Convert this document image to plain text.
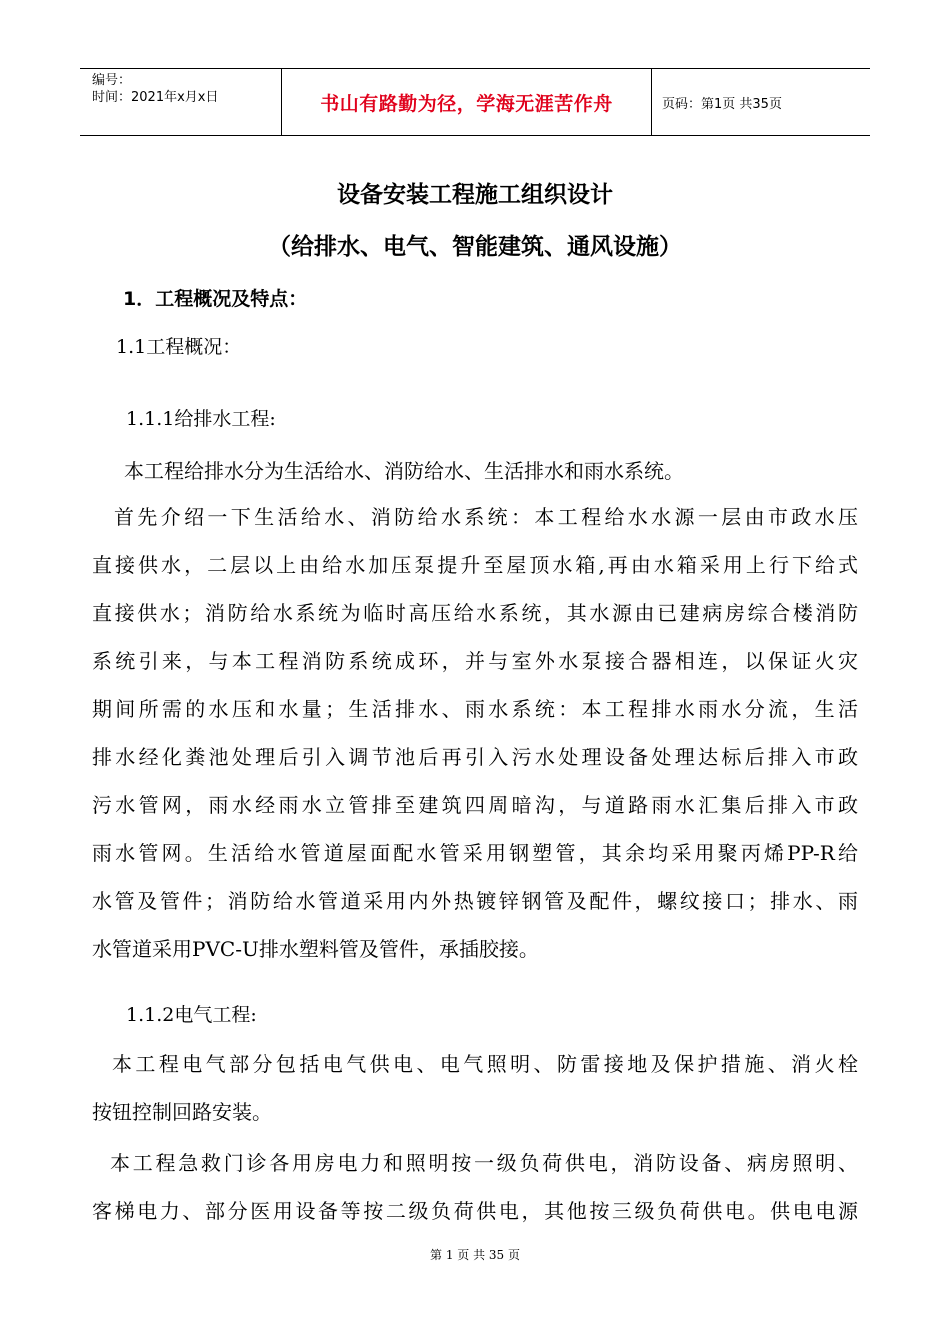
编号：
时间：2021年x月x日	书山有路勤为径，学海无涯苦作舟	页码：第1页 共35页
设备安装工程施工组织设计
（给排水、电气、智能建筑、通风设施）
1．工程概况及特点：
1.1工程概况：
1.1.1给排水工程:
本工程给排水分为生活给水、消防给水、生活排水和雨水系统。
首先介绍一下生活给水、消防给水系统：本工程给水水源一层由市政水压
直接供水，二层以上由给水加压泵提升至屋顶水箱,再由水箱采用上行下给式
直接供水；消防给水系统为临时高压给水系统，其水源由已建病房综合楼消防
系统引来，与本工程消防系统成环，并与室外水泵接合器相连，以保证火灾
期间所需的水压和水量；生活排水、雨水系统：本工程排水雨水分流，生活
排水经化粪池处理后引入调节池后再引入污水处理设备处理达标后排入市政
污水管网，雨水经雨水立管排至建筑四周暗沟，与道路雨水汇集后排入市政
雨水管网。生活给水管道屋面配水管采用钢塑管，其余均采用聚丙烯PP-R给
水管及管件；消防给水管道采用内外热镀锌钢管及配件，螺纹接口；排水、雨
水管道采用PVC-U排水塑料管及管件，承插胶接。
1.1.2电气工程:
本工程电气部分包括电气供电、电气照明、防雷接地及保护措施、消火栓
按钮控制回路安装。
本工程急救门诊各用房电力和照明按一级负荷供电，消防设备、病房照明、
客梯电力、部分医用设备等按二级负荷供电，其他按三级负荷供电。供电电源
第 1 页 共 35 页
